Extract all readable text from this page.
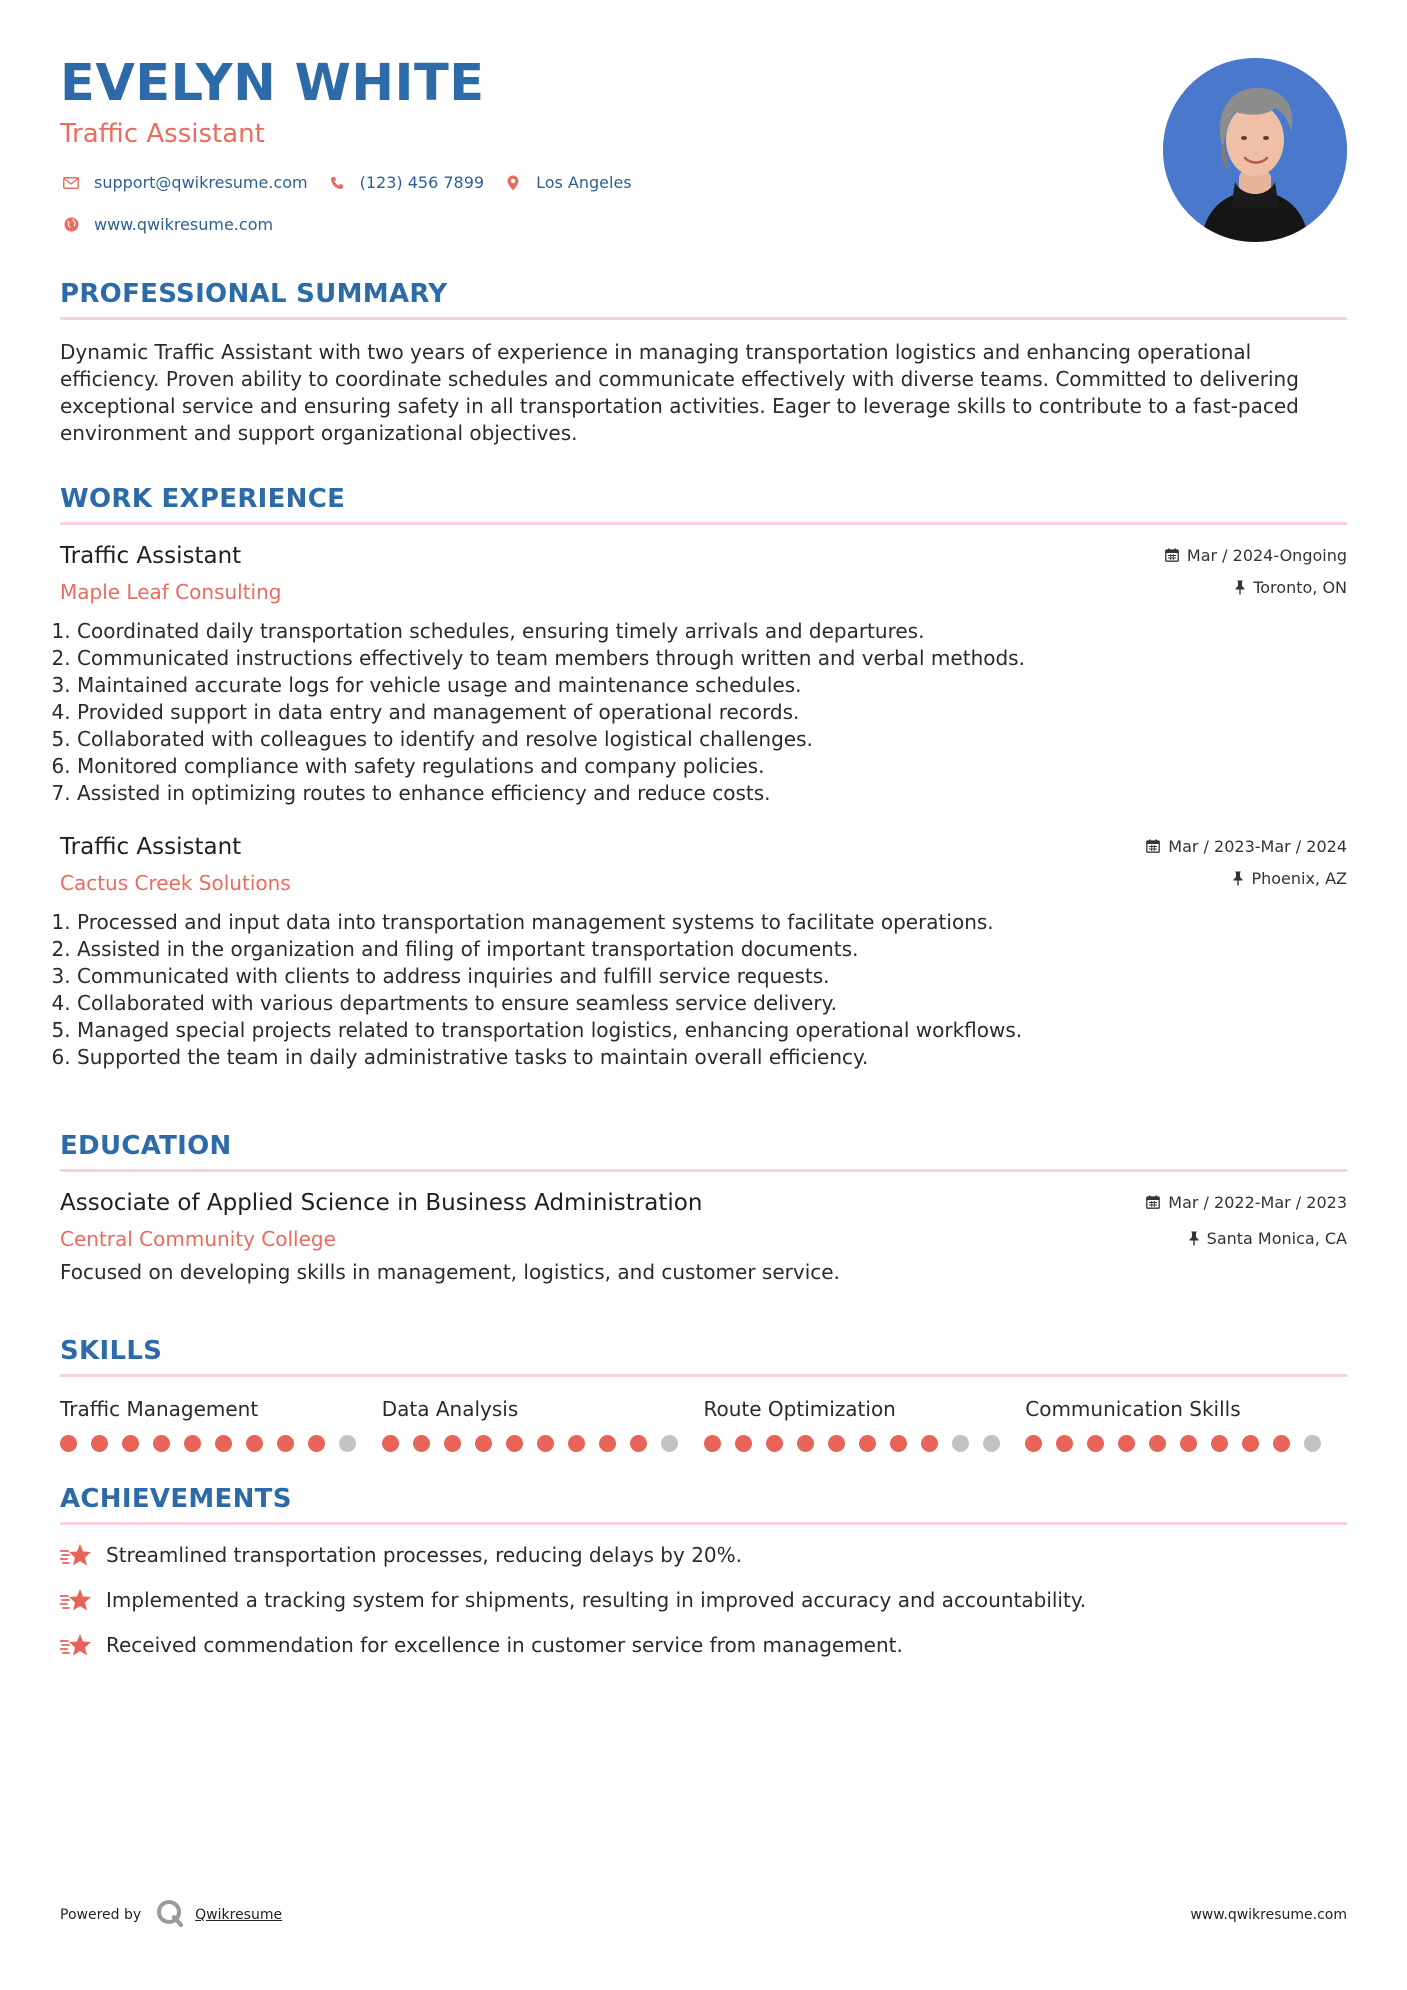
EVELYN WHITE
Traffic Assistant
support@qwikresume.com	(123) 456 7899	Los Angeles
www.qwikresume.com
PROFESSIONAL SUMMARY
Dynamic Traffic Assistant with two years of experience in managing transportation logistics and enhancing operational efficiency. Proven ability to coordinate schedules and communicate effectively with diverse teams. Committed to delivering exceptional service and ensuring safety in all transportation activities. Eager to leverage skills to contribute to a fast-paced environment and support organizational objectives.
WORK EXPERIENCE
Traffic Assistant
Maple Leaf Consulting
Mar / 2024-Ongoing
Toronto, ON
1. Coordinated daily transportation schedules, ensuring timely arrivals and departures.
2. Communicated instructions effectively to team members through written and verbal methods.
3. Maintained accurate logs for vehicle usage and maintenance schedules.
4. Provided support in data entry and management of operational records.
5. Collaborated with colleagues to identify and resolve logistical challenges.
6. Monitored compliance with safety regulations and company policies.
7. Assisted in optimizing routes to enhance efficiency and reduce costs.
Traffic Assistant
Cactus Creek Solutions
Mar / 2023-Mar / 2024
Phoenix, AZ
1. Processed and input data into transportation management systems to facilitate operations.
2. Assisted in the organization and filing of important transportation documents.
3. Communicated with clients to address inquiries and fulfill service requests.
4. Collaborated with various departments to ensure seamless service delivery.
5. Managed special projects related to transportation logistics, enhancing operational workflows.
6. Supported the team in daily administrative tasks to maintain overall efficiency.
EDUCATION
Associate of Applied Science in Business Administration
Central Community College
Mar / 2022-Mar / 2023
Santa Monica, CA
Focused on developing skills in management, logistics, and customer service.
SKILLS
Traffic Management	Data Analysis	Route Optimization	Communication Skills
ACHIEVEMENTS
Streamlined transportation processes, reducing delays by 20%.
Implemented a tracking system for shipments, resulting in improved accuracy and accountability.
Received commendation for excellence in customer service from management.
Powered by	Qwikresume	www.qwikresume.com
